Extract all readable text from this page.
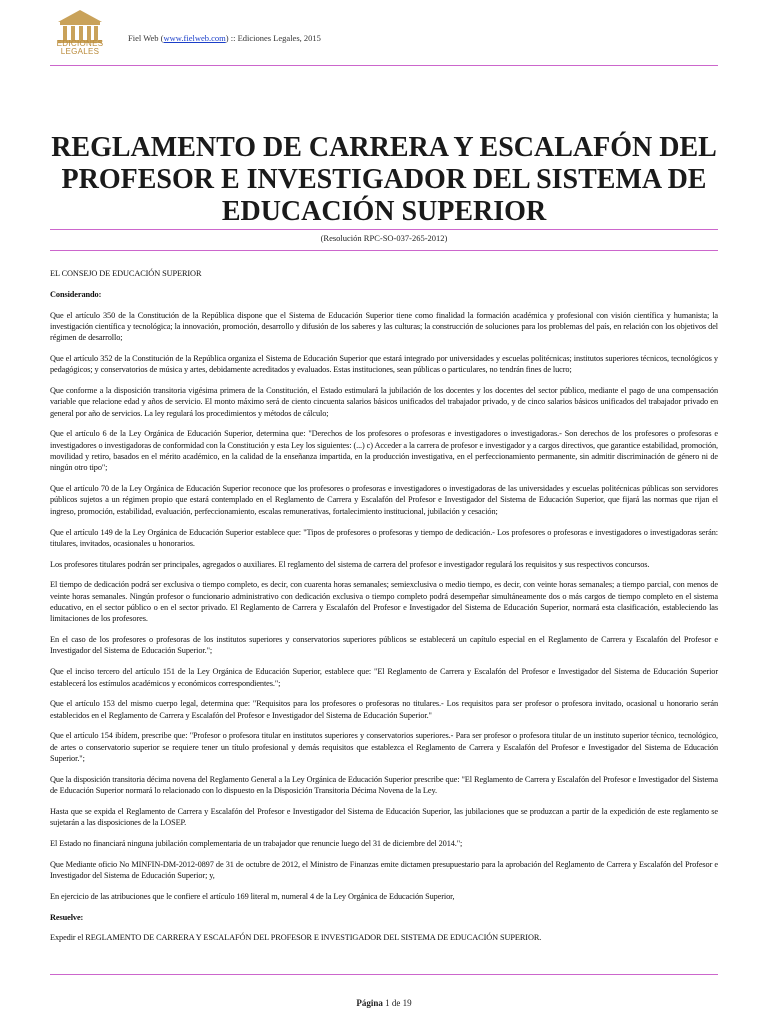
EDICIONES
LEGALES
Fiel Web (www.fielweb.com) :: Ediciones Legales, 2015
REGLAMENTO DE CARRERA Y ESCALAFÓN DEL PROFESOR E INVESTIGADOR DEL SISTEMA DE EDUCACIÓN SUPERIOR
(Resolución RPC-SO-037-265-2012)

EL CONSEJO DE EDUCACIÓN SUPERIOR

Considerando:

Que el artículo 350 de la Constitución de la República dispone que el Sistema de Educación Superior tiene como finalidad la formación académica y profesional con visión científica y humanista; la investigación científica y tecnológica; la innovación, promoción, desarrollo y difusión de los saberes y las culturas; la construcción de soluciones para los problemas del país, en relación con los objetivos del régimen de desarrollo;

Que el artículo 352 de la Constitución de la República organiza el Sistema de Educación Superior que estará integrado por universidades y escuelas politécnicas; institutos superiores técnicos, tecnológicos y pedagógicos; y conservatorios de música y artes, debidamente acreditados y evaluados. Estas instituciones, sean públicas o particulares, no tendrán fines de lucro;

Que conforme a la disposición transitoria vigésima primera de la Constitución, el Estado estimulará la jubilación de los docentes y los docentes del sector público, mediante el pago de una compensación variable que relacione edad y años de servicio. El monto máximo será de ciento cincuenta salarios básicos unificados del trabajador privado, y de cinco salarios básicos unificados del trabajador privado en general por año de servicios. La ley regulará los procedimientos y métodos de cálculo;

Que el artículo 6 de la Ley Orgánica de Educación Superior, determina que: "Derechos de los profesores o profesoras e investigadores o investigadoras.- Son derechos de los profesores o profesoras e investigadores o investigadoras de conformidad con la Constitución y esta Ley los siguientes: (...) c) Acceder a la carrera de profesor e investigador y a cargos directivos, que garantice estabilidad, promoción, movilidad y retiro, basados en el mérito académico, en la calidad de la enseñanza impartida, en la producción investigativa, en el perfeccionamiento permanente, sin admitir discriminación de género ni de ningún otro tipo";

Que el artículo 70 de la Ley Orgánica de Educación Superior reconoce que los profesores o profesoras e investigadores o investigadoras de las universidades y escuelas politécnicas públicas son servidores públicos sujetos a un régimen propio que estará contemplado en el Reglamento de Carrera y Escalafón del Profesor e Investigador del Sistema de Educación Superior, que fijará las normas que rijan el ingreso, promoción, estabilidad, evaluación, perfeccionamiento, escalas remunerativas, fortalecimiento institucional, jubilación y cesación;

Que el artículo 149 de la Ley Orgánica de Educación Superior establece que: "Tipos de profesores o profesoras y tiempo de dedicación.- Los profesores o profesoras e investigadores o investigadoras serán: titulares, invitados, ocasionales u honorarios.

Los profesores titulares podrán ser principales, agregados o auxiliares. El reglamento del sistema de carrera del profesor e investigador regulará los requisitos y sus respectivos concursos.

El tiempo de dedicación podrá ser exclusiva o tiempo completo, es decir, con cuarenta horas semanales; semiexclusiva o medio tiempo, es decir, con veinte horas semanales; a tiempo parcial, con menos de veinte horas semanales. Ningún profesor o funcionario administrativo con dedicación exclusiva o tiempo completo podrá desempeñar simultáneamente dos o más cargos de tiempo completo en el sistema educativo, en el sector público o en el sector privado. El Reglamento de Carrera y Escalafón del Profesor e Investigador del Sistema de Educación Superior, normará esta clasificación, estableciendo las limitaciones de los profesores.

En el caso de los profesores o profesoras de los institutos superiores y conservatorios superiores públicos se establecerá un capítulo especial en el Reglamento de Carrera y Escalafón del Profesor e Investigador del Sistema de Educación Superior.";

Que el inciso tercero del artículo 151 de la Ley Orgánica de Educación Superior, establece que: "El Reglamento de Carrera y Escalafón del Profesor e Investigador del Sistema de Educación Superior establecerá los estímulos académicos y económicos correspondientes.";

Que el artículo 153 del mismo cuerpo legal, determina que: "Requisitos para los profesores o profesoras no titulares.- Los requisitos para ser profesor o profesora invitado, ocasional u honorario serán establecidos en el Reglamento de Carrera y Escalafón del Profesor e Investigador del Sistema de Educación Superior."

Que el artículo 154 ibídem, prescribe que: "Profesor o profesora titular en institutos superiores y conservatorios superiores.- Para ser profesor o profesora titular de un instituto superior técnico, tecnológico, de artes o conservatorio superior se requiere tener un título profesional y demás requisitos que establezca el Reglamento de Carrera y Escalafón del Profesor e Investigador del Sistema de Educación Superior.";

Que la disposición transitoria décima novena del Reglamento General a la Ley Orgánica de Educación Superior prescribe que: "El Reglamento de Carrera y Escalafón del Profesor e Investigador del Sistema de Educación Superior normará lo relacionado con lo dispuesto en la Disposición Transitoria Décima Novena de la Ley.

Hasta que se expida el Reglamento de Carrera y Escalafón del Profesor e Investigador del Sistema de Educación Superior, las jubilaciones que se produzcan a partir de la expedición de este reglamento se sujetarán a las disposiciones de la LOSEP.

El Estado no financiará ninguna jubilación complementaria de un trabajador que renuncie luego del 31 de diciembre del 2014.";

Que Mediante oficio No MINFIN-DM-2012-0897 de 31 de octubre de 2012, el Ministro de Finanzas emite dictamen presupuestario para la aprobación del Reglamento de Carrera y Escalafón del Profesor e Investigador del Sistema de Educación Superior; y,

En ejercicio de las atribuciones que le confiere el artículo 169 literal m, numeral 4 de la Ley Orgánica de Educación Superior,

Resuelve:

Expedir el REGLAMENTO DE CARRERA Y ESCALAFÓN DEL PROFESOR E INVESTIGADOR DEL SISTEMA DE EDUCACIÓN SUPERIOR.

Página 1 de 19
